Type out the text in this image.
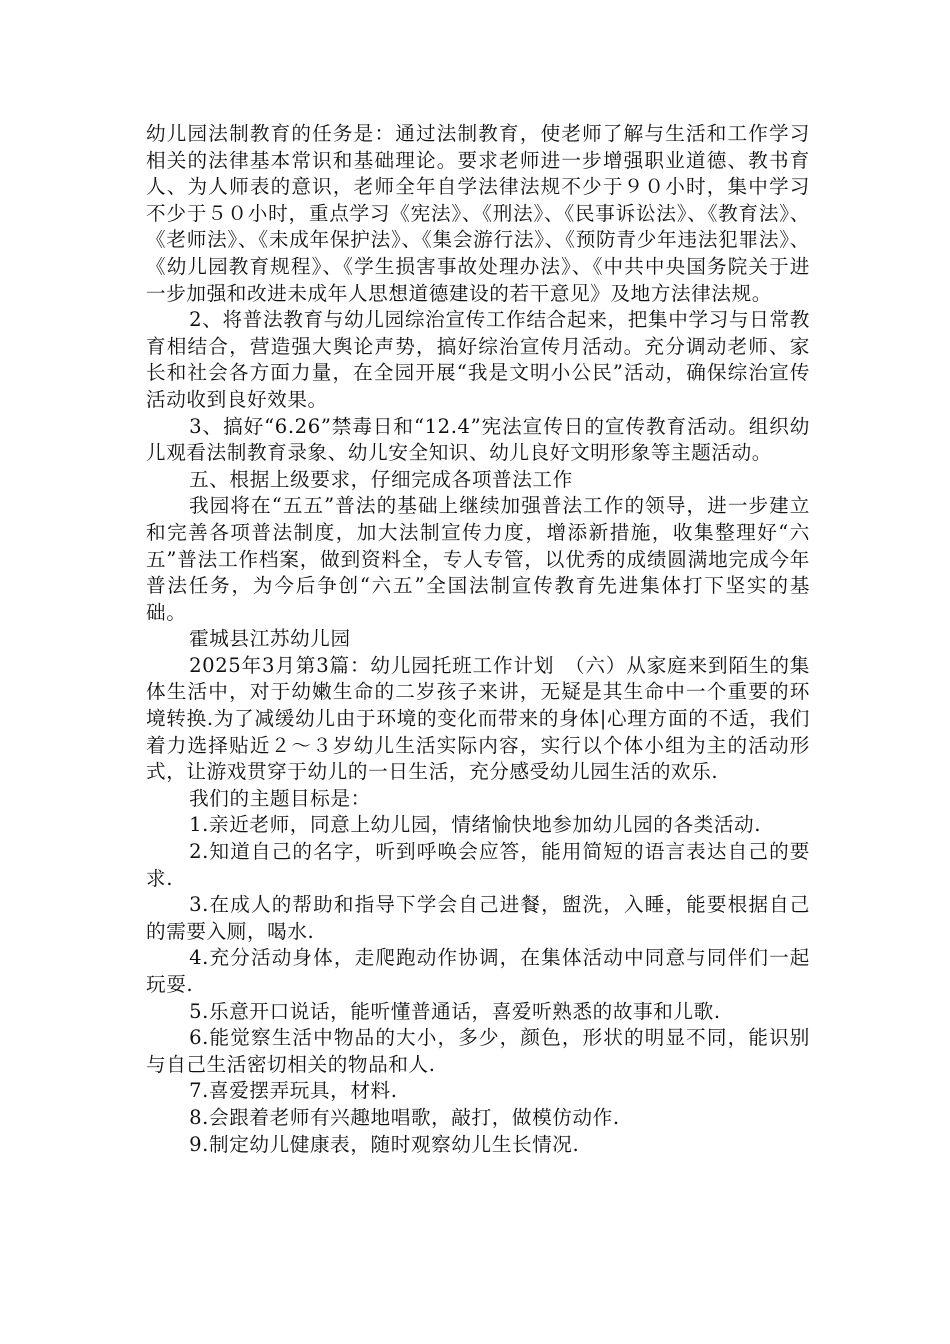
幼儿园法制教育的任务是：通过法制教育，使老师了解与生活和工作学习相关的法律基本常识和基础理论。要求老师进一步增强职业道德、教书育人、为人师表的意识，老师全年自学法律法规不少于９０小时，集中学习不少于５０小时，重点学习《宪法》、《刑法》、《民事诉讼法》、《教育法》、《老师法》、《未成年保护法》、《集会游行法》、《预防青少年违法犯罪法》、《幼儿园教育规程》、《学生损害事故处理办法》、《中共中央国务院关于进一步加强和改进未成年人思想道德建设的若干意见》及地方法律法规。

2、将普法教育与幼儿园综治宣传工作结合起来，把集中学习与日常教育相结合，营造强大舆论声势，搞好综治宣传月活动。充分调动老师、家长和社会各方面力量，在全园开展“我是文明小公民”活动，确保综治宣传活动收到良好效果。

3、搞好“6.26”禁毒日和“12.4”宪法宣传日的宣传教育活动。组织幼儿观看法制教育录象、幼儿安全知识、幼儿良好文明形象等主题活动。

五、根据上级要求，仔细完成各项普法工作

我园将在“五五”普法的基础上继续加强普法工作的领导，进一步建立和完善各项普法制度，加大法制宣传力度，增添新措施，收集整理好“六五”普法工作档案，做到资料全，专人专管，以优秀的成绩圆满地完成今年普法任务，为今后争创“六五”全国法制宣传教育先进集体打下坚实的基础。

霍城县江苏幼儿园

2025年3月第3篇：幼儿园托班工作计划　（六）从家庭来到陌生的集体生活中，对于幼嫩生命的二岁孩子来讲，无疑是其生命中一个重要的环境转换.为了减缓幼儿由于环境的变化而带来的身体|心理方面的不适，我们着力选择贴近２～３岁幼儿生活实际内容，实行以个体小组为主的活动形式，让游戏贯穿于幼儿的一日生活，充分感受幼儿园生活的欢乐.

我们的主题目标是：

1.亲近老师，同意上幼儿园，情绪愉快地参加幼儿园的各类活动.

2.知道自己的名字，听到呼唤会应答，能用简短的语言表达自己的要求.

3.在成人的帮助和指导下学会自己进餐，盥洗，入睡，能要根据自己的需要入厕，喝水.

4.充分活动身体，走爬跑动作协调，在集体活动中同意与同伴们一起玩耍.

5.乐意开口说话，能听懂普通话，喜爱听熟悉的故事和儿歌.

6.能觉察生活中物品的大小，多少，颜色，形状的明显不同，能识别与自己生活密切相关的物品和人.

7.喜爱摆弄玩具，材料.

8.会跟着老师有兴趣地唱歌，敲打，做模仿动作.

9.制定幼儿健康表，随时观察幼儿生长情况.
